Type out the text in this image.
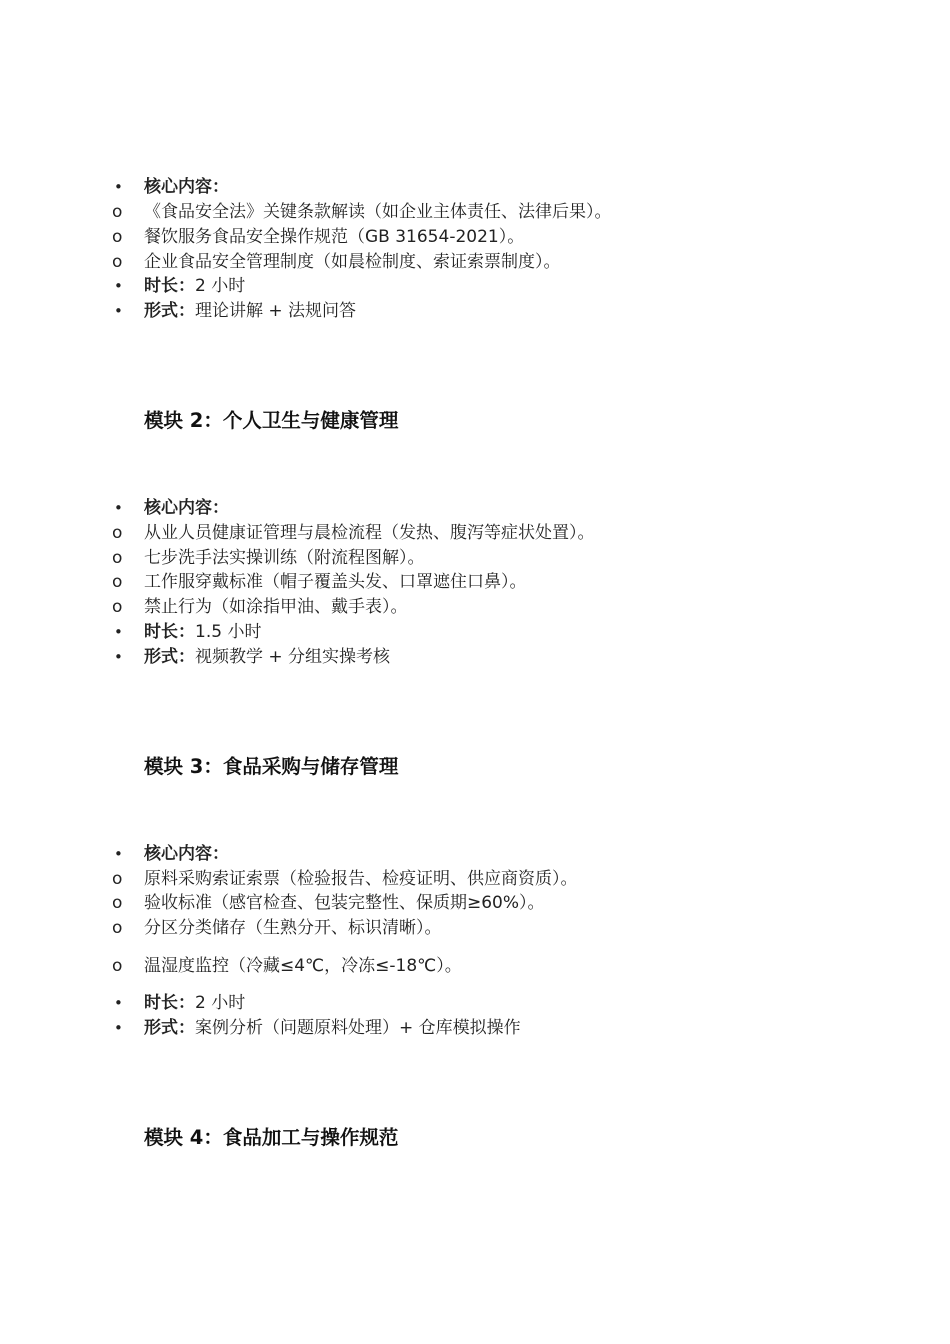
•	核心内容：
o	《食品安全法》关键条款解读（如企业主体责任、法律后果）。
o	餐饮服务食品安全操作规范（GB 31654-2021）。
o	企业食品安全管理制度（如晨检制度、索证索票制度）。
•	时长：2 小时
•	形式：理论讲解 + 法规问答
模块 2：个人卫生与健康管理
•	核心内容：
o	从业人员健康证管理与晨检流程（发热、腹泻等症状处置）。
o	七步洗手法实操训练（附流程图解）。
o	工作服穿戴标准（帽子覆盖头发、口罩遮住口鼻）。
o	禁止行为（如涂指甲油、戴手表）。
•	时长：1.5 小时
•	形式：视频教学 + 分组实操考核
模块 3：食品采购与储存管理
•	核心内容：
o	原料采购索证索票（检验报告、检疫证明、供应商资质）。
o	验收标准（感官检查、包装完整性、保质期≥60%）。
o	分区分类储存（生熟分开、标识清晰）。
o	温湿度监控（冷藏≤4℃，冷冻≤-18℃）。
•	时长：2 小时
•	形式：案例分析（问题原料处理）+ 仓库模拟操作
模块 4：食品加工与操作规范
